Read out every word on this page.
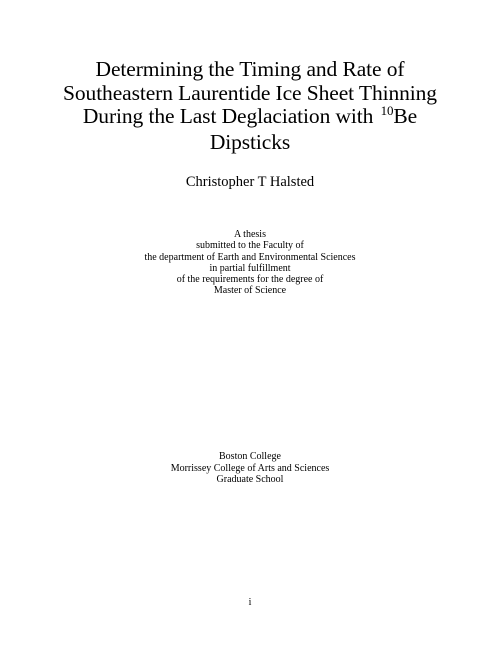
Determining the Timing and Rate of
Southeastern Laurentide Ice Sheet Thinning
During the Last Deglaciation with $^{10}$Be
Dipsticks
Christopher T Halsted
A thesis
submitted to the Faculty of
the department of Earth and Environmental Sciences
in partial fulfillment
of the requirements for the degree of
Master of Science
Boston College
Morrissey College of Arts and Sciences
Graduate School
i
